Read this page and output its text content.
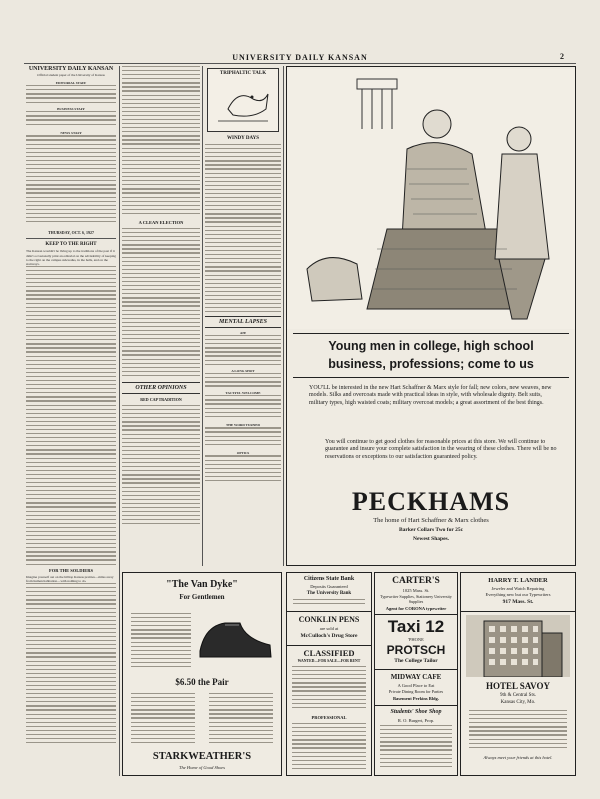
UNIVERSITY DAILY KANSAN	2
UNIVERSITY DAILY KANSAN
Official student paper of the University of Kansas
EDITORIAL STAFF
BUSINESS STAFF
NEWS STAFF
THURSDAY, OCT. 6, 1927
KEEP TO THE RIGHT
The Kansan wouldn't be living up to the traditions of the past if it didn't occasionally print an editorial on the advisability of keeping to the right on the campus sidewalks, in the halls, and on the stairways.
FOR THE SOLDIERS
Imagine yourself out on the hilltop Kansas prairies—miles away from human habitation—with nothing to do.
A CLEAN ELECTION
OTHER OPINIONS
RED CAP TRADITION
TRIPHALTIC TALK
WINDY DAYS
MENTAL LAPSES
AH!
A LONG SHOT
TACTFUL WELCOME
THE WORD TURNED
OPTICS
Young men in college, high school
business, professions; come to us
YOU'LL be interested in the new Hart Schaffner & Marx style for fall; new colors, new weaves, new models. Silks and overcoats made with practical ideas in style, with wholesale dignity. Belt suits, military types, high waisted coats; military overcoat models; a great assortment of the best things.
You will continue to get good clothes for reasonable prices at this store. We will continue to guarantee and insure your complete satisfaction in the wearing of these clothes. There will be no reservations or exceptions to our satisfaction guaranteed policy.
PECKHAMS
The home of Hart Schaffner & Marx clothes
Barker Collars Two for 25c
Newest Shapes.
"The Van Dyke"
For Gentlemen
$6.50 the Pair
STARKWEATHER'S
The Home of Good Shoes
Citizens State Bank
Deposits Guaranteed
The University Bank
CONKLIN PENS
are sold at
McCulloch's Drug Store
CLASSIFIED
WANTED—FOR SALE—FOR RENT
PROFESSIONAL
CARTER'S
1025 Mass. St.
Typewriter Supplies, Stationery University Supplies
Agent for CORONA typewriter
Taxi 12
'PHONE
PROTSCH
The College Tailor
MIDWAY CAFE
A Good Place to Eat
Private Dining Room for Parties
Basement Perkins Bldg.
Students' Shoe Shop
R. O. Burgert, Prop.
HARRY T. LANDER
Jeweler and Watch Repairing
Everything new but our Typewriters
917 Mass. St.
HOTEL SAVOY
9th & Central Sts.
Kansas City, Mo.
Always meet your friends at this hotel.
